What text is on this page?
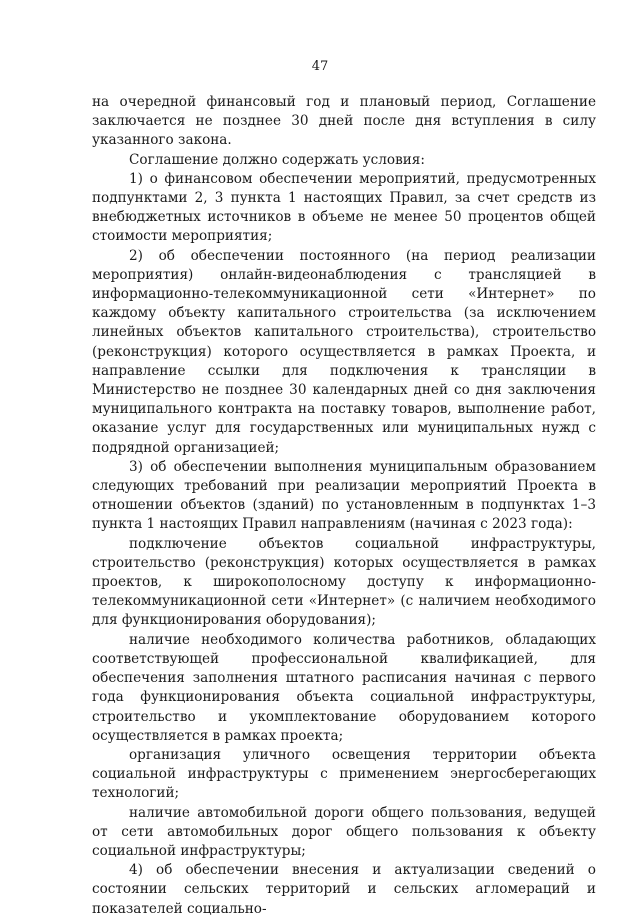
47

на очередной финансовый год и плановый период, Соглашение заключается не позднее 30 дней после дня вступления в силу указанного закона.

Соглашение должно содержать условия:

1) о финансовом обеспечении мероприятий, предусмотренных подпунктами 2, 3 пункта 1 настоящих Правил, за счет средств из внебюджетных источников в объеме не менее 50 процентов общей стоимости мероприятия;

2) об обеспечении постоянного (на период реализации мероприятия) онлайн-видеонаблюдения с трансляцией в информационно-телекоммуникационной сети «Интернет» по каждому объекту капитального строительства (за исключением линейных объектов капитального строительства), строительство (реконструкция) которого осуществляется в рамках Проекта, и направление ссылки для подключения к трансляции в Министерство не позднее 30 календарных дней со дня заключения муниципального контракта на поставку товаров, выполнение работ, оказание услуг для государственных или муниципальных нужд с подрядной организацией;

3) об обеспечении выполнения муниципальным образованием следующих требований при реализации мероприятий Проекта в отношении объектов (зданий) по установленным в подпунктах 1–3 пункта 1 настоящих Правил направлениям (начиная с 2023 года):

подключение объектов социальной инфраструктуры, строительство (реконструкция) которых осуществляется в рамках проектов, к широкополосному доступу к информационно-телекоммуникационной сети «Интернет» (с наличием необходимого для функционирования оборудования);

наличие необходимого количества работников, обладающих соответствующей профессиональной квалификацией, для обеспечения заполнения штатного расписания начиная с первого года функционирования объекта социальной инфраструктуры, строительство и укомплектование оборудованием которого осуществляется в рамках проекта;

организация уличного освещения территории объекта социальной инфраструктуры с применением энергосберегающих технологий;

наличие автомобильной дороги общего пользования, ведущей от сети автомобильных дорог общего пользования к объекту социальной инфраструктуры;

4) об обеспечении внесения и актуализации сведений о состоянии сельских территорий и сельских агломераций и показателей социально-
